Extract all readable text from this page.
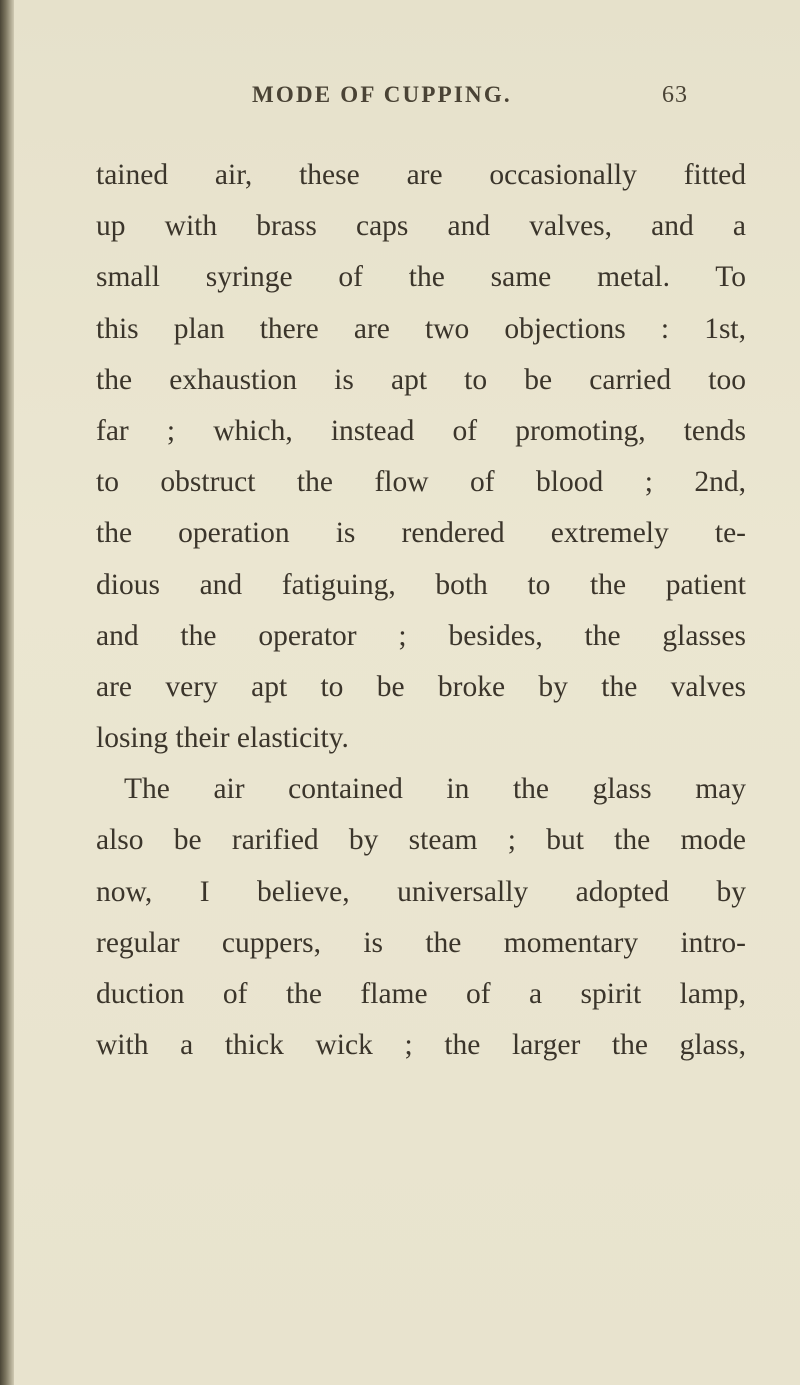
MODE OF CUPPING.	63
tained air, these are occasionally fitted
up with brass caps and valves, and a
small syringe of the same metal. To
this plan there are two objections : 1st,
the exhaustion is apt to be carried too
far ; which, instead of promoting, tends
to obstruct the flow of blood ; 2nd,
the operation is rendered extremely te-
dious and fatiguing, both to the patient
and the operator ; besides, the glasses
are very apt to be broke by the valves
losing their elasticity.
The air contained in the glass may
also be rarified by steam ; but the mode
now, I believe, universally adopted by
regular cuppers, is the momentary intro-
duction of the flame of a spirit lamp,
with a thick wick ; the larger the glass,
